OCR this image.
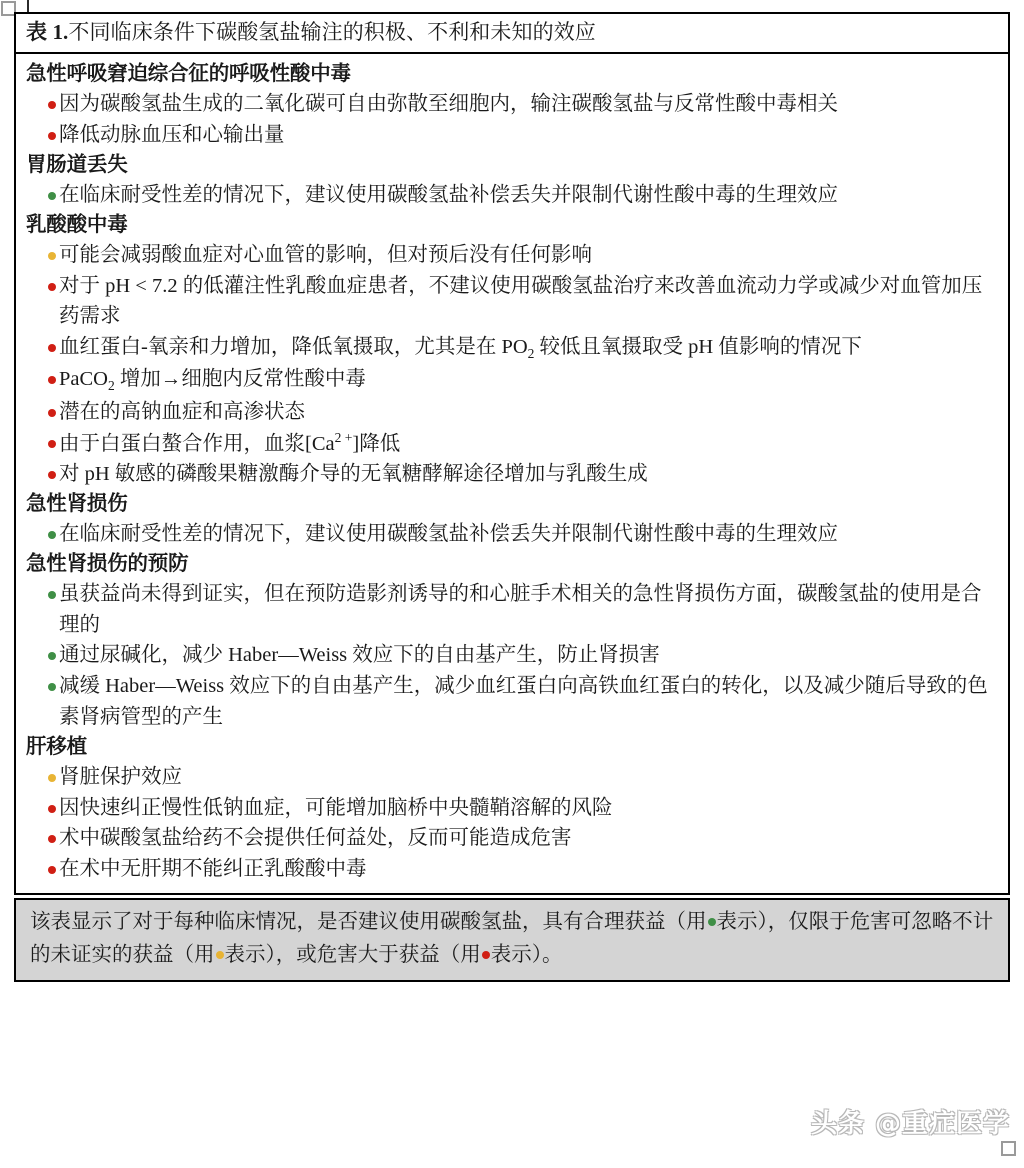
表 1.不同临床条件下碳酸氢盐输注的积极、不利和未知的效应
急性呼吸窘迫综合征的呼吸性酸中毒
因为碳酸氢盐生成的二氧化碳可自由弥散至细胞内，输注碳酸氢盐与反常性酸中毒相关
降低动脉血压和心输出量
胃肠道丢失
在临床耐受性差的情况下，建议使用碳酸氢盐补偿丢失并限制代谢性酸中毒的生理效应
乳酸酸中毒
可能会减弱酸血症对心血管的影响，但对预后没有任何影响
对于 pH < 7.2 的低灌注性乳酸血症患者，不建议使用碳酸氢盐治疗来改善血流动力学或减少对血管加压药需求
血红蛋白-氧亲和力增加，降低氧摄取，尤其是在 $PO_2$ 较低且氧摄取受 pH 值影响的情况下
PaCO$_2$ 增加→细胞内反常性酸中毒
潜在的高钠血症和高渗状态
由于白蛋白螯合作用，血浆$[Ca^{2 +}]$降低
对 pH 敏感的磷酸果糖激酶介导的无氧糖酵解途径增加与乳酸生成
急性肾损伤
在临床耐受性差的情况下，建议使用碳酸氢盐补偿丢失并限制代谢性酸中毒的生理效应
急性肾损伤的预防
虽获益尚未得到证实，但在预防造影剂诱导的和心脏手术相关的急性肾损伤方面，碳酸氢盐的使用是合理的
通过尿碱化，减少 Haber—Weiss 效应下的自由基产生，防止肾损害
减缓 Haber—Weiss 效应下的自由基产生，减少血红蛋白向高铁血红蛋白的转化，以及减少随后导致的色素肾病管型的产生
肝移植
肾脏保护效应
因快速纠正慢性低钠血症，可能增加脑桥中央髓鞘溶解的风险
术中碳酸氢盐给药不会提供任何益处，反而可能造成危害
在术中无肝期不能纠正乳酸酸中毒
该表显示了对于每种临床情况，是否建议使用碳酸氢盐，具有合理获益（用 表示），仅限于危害可忽略不计的未证实的获益（用 表示），或危害大于获益（用 表示）。
头条 @重症医学
